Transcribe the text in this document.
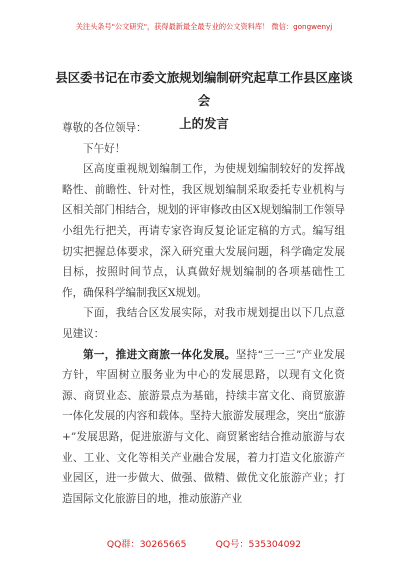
关注头条号"公文研究"，获得最新最全最专业的公文资料库！ 微信：gongwenyj
县区委书记在市委文旅规划编制研究起草工作县区座谈会
上的发言

尊敬的各位领导：

下午好！

区高度重视规划编制工作，为使规划编制较好的发挥战略性、前瞻性、针对性，我区规划编制采取委托专业机构与区相关部门相结合，规划的评审修改由区X规划编制工作领导小组先行把关，再请专家咨询反复论证定稿的方式。编写组切实把握总体要求，深入研究重大发展问题，科学确定发展目标，按照时间节点，认真做好规划编制的各项基础性工作，确保科学编制我区X规划。

下面，我结合区发展实际，对我市规划提出以下几点意见建议：

第一，推进文商旅一体化发展。坚持“三一三”产业发展方针，牢固树立服务业为中心的发展思路，以现有文化资源、商贸业态、旅游景点为基础，持续丰富文化、商贸旅游一体化发展的内容和载体。坚持大旅游发展理念，突出“旅游+”发展思路，促进旅游与文化、商贸紧密结合推动旅游与农业、工业、文化等相关产业融合发展，着力打造文化旅游产业园区，进一步做大、做强、做精、做优文化旅游产业；打造国际文化旅游目的地，推动旅游产业

QQ群：30265665          QQ号：535304092
